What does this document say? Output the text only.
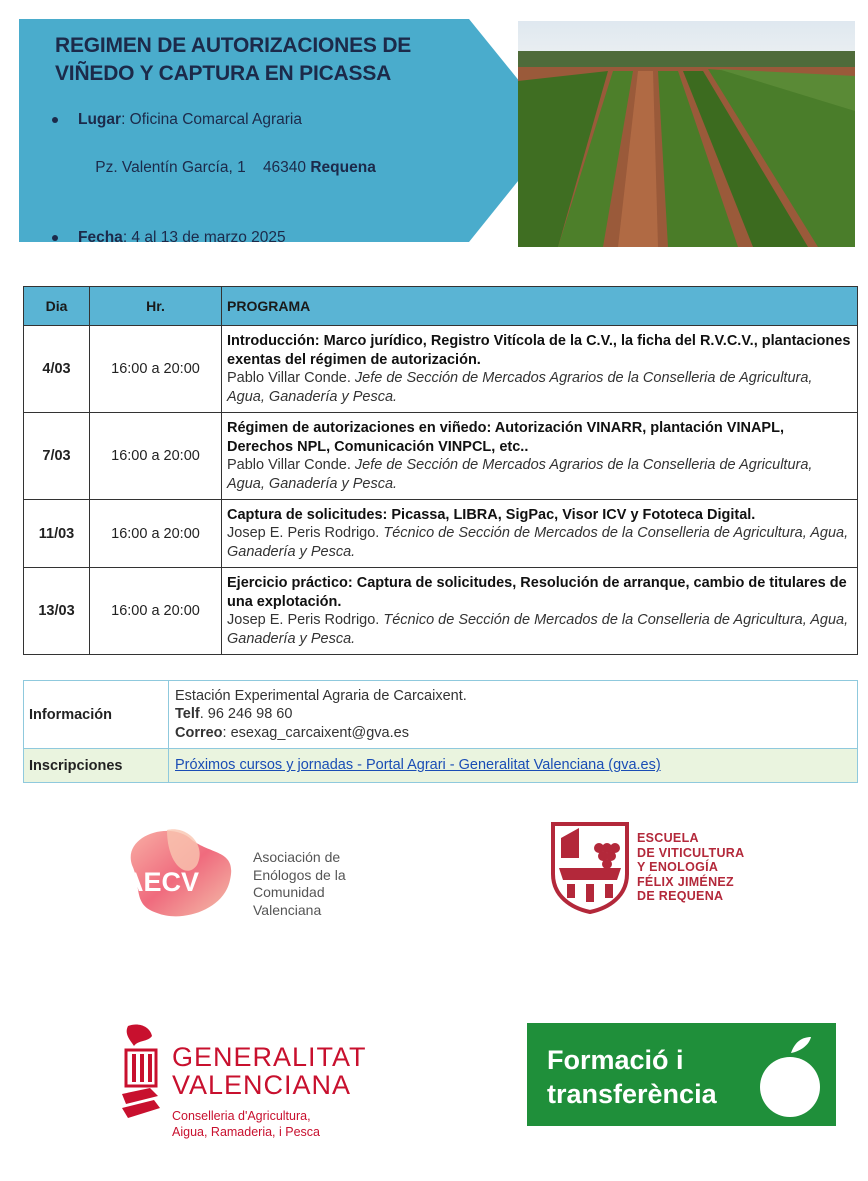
REGIMEN DE AUTORIZACIONES DE
VIÑEDO Y CAPTURA EN PICASSA
Lugar: Oficina Comarcal Agraria

Pz. Valentín García, 1    46340 Requena

Fecha: 4 al 13 de marzo 2025
Dia	Hr.	PROGRAMA
4/03	16:00 a 20:00	Introducción: Marco jurídico, Registro Vitícola de la C.V., la ficha del R.V.C.V., plantaciones exentas del régimen de autorización.
Pablo Villar Conde. Jefe de Sección de Mercados Agrarios de la Conselleria de Agricultura, Agua, Ganadería y Pesca.

7/03	16:00 a 20:00	Régimen de autorizaciones en viñedo: Autorización VINARR, plantación VINAPL, Derechos NPL, Comunicación VINPCL, etc..
Pablo Villar Conde. Jefe de Sección de Mercados Agrarios de la Conselleria de Agricultura, Agua, Ganadería y Pesca.

11/03	16:00 a 20:00	Captura de solicitudes: Picassa, LIBRA, SigPac, Visor ICV y Fototeca Digital.
Josep E. Peris Rodrigo. Técnico de Sección de Mercados de la Conselleria de Agricultura, Agua, Ganadería y Pesca.

13/03	16:00 a 20:00	Ejercicio práctico: Captura de solicitudes, Resolución de arranque, cambio de titulares de una explotación.
Josep E. Peris Rodrigo. Técnico de Sección de Mercados de la Conselleria de Agricultura, Agua, Ganadería y Pesca.
Información	Estación Experimental Agraria de Carcaixent.
Telf. 96 246 98 60
Correo: esexag_carcaixent@gva.es

Inscripciones	Próximos cursos y jornadas - Portal Agrari - Generalitat Valenciana (gva.es)
AECV
Asociación de
Enólogos de la
Comunidad
Valenciana
ESCUELA
DE VITICULTURA
Y ENOLOGÍA
FÉLIX JIMÉNEZ
DE REQUENA
GENERALITAT
VALENCIANA
Conselleria d'Agricultura,
Aigua, Ramaderia, i Pesca
Formació i
transferència
